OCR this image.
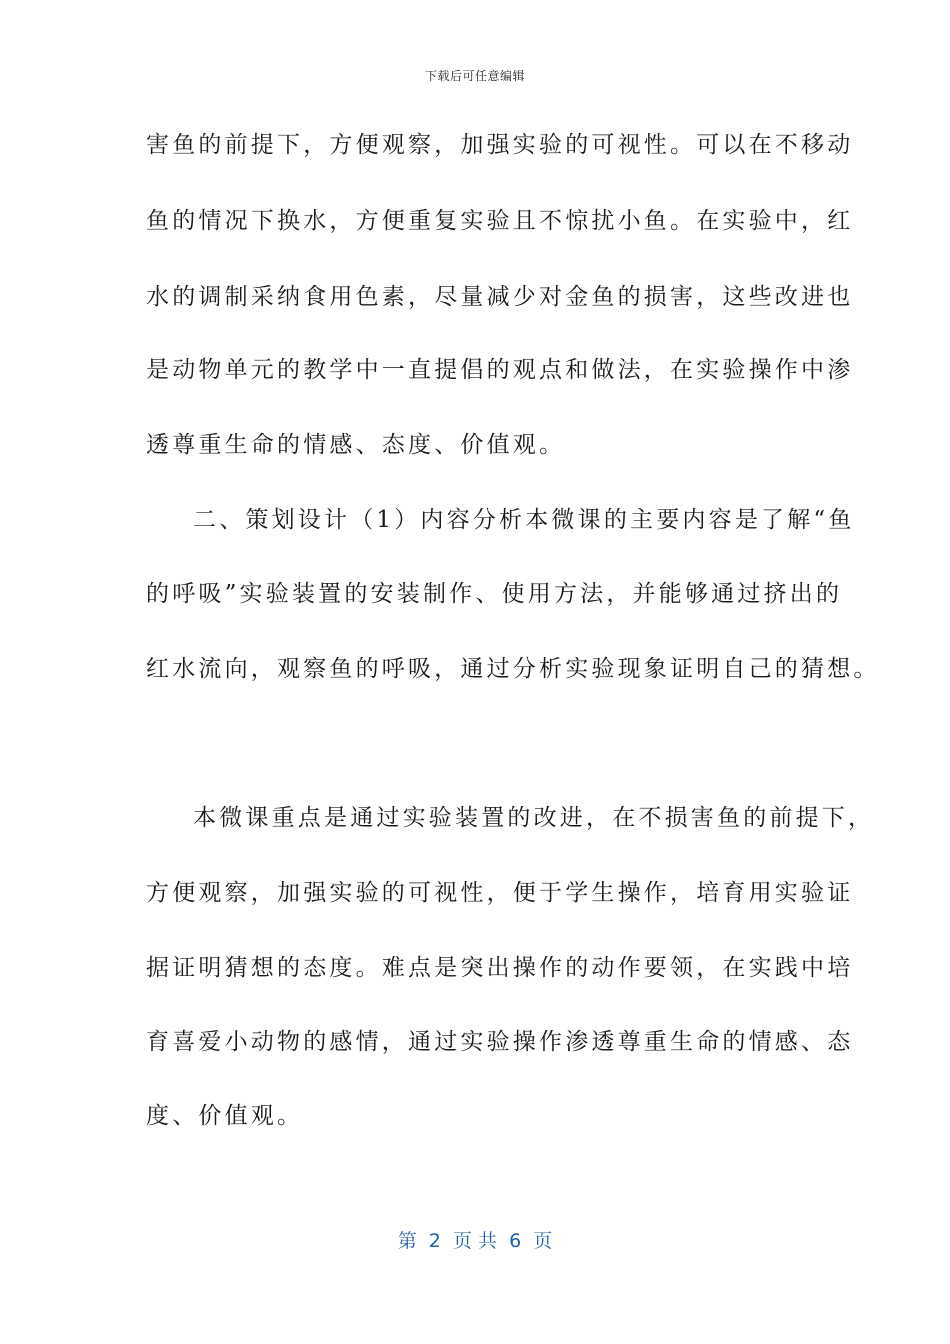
下载后可任意编辑
害鱼的前提下，方便观察，加强实验的可视性。可以在不移动
鱼的情况下换水，方便重复实验且不惊扰小鱼。在实验中，红
水的调制采纳食用色素，尽量减少对金鱼的损害，这些改进也
是动物单元的教学中一直提倡的观点和做法，在实验操作中渗
透尊重生命的情感、态度、价值观。
二、策划设计（1）内容分析本微课的主要内容是了解“鱼
的呼吸”实验装置的安装制作、使用方法，并能够通过挤出的
红水流向，观察鱼的呼吸，通过分析实验现象证明自己的猜想。
本微课重点是通过实验装置的改进，在不损害鱼的前提下，
方便观察，加强实验的可视性，便于学生操作，培育用实验证
据证明猜想的态度。难点是突出操作的动作要领，在实践中培
育喜爱小动物的感情，通过实验操作渗透尊重生命的情感、态
度、价值观。
第  2  页 共  6  页
